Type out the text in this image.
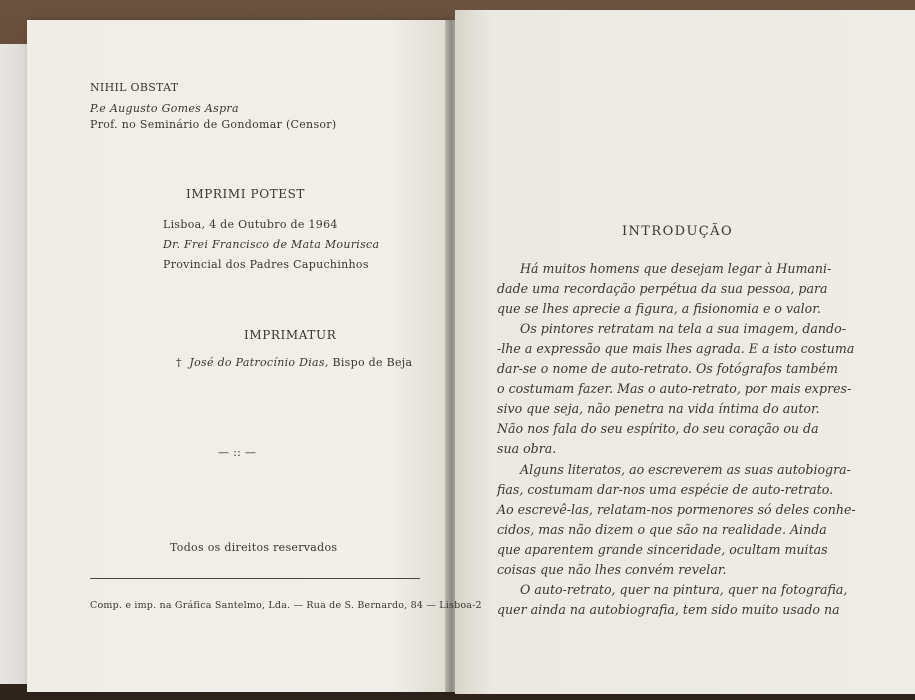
NIHIL OBSTAT
P.e Augusto Gomes Aspra
Prof. no Seminário de Gondomar (Censor)
IMPRIMI POTEST
Lisboa, 4 de Outubro de 1964
Dr. Frei Francisco de Mata Mourisca
Provincial dos Padres Capuchinhos
IMPRIMATUR
† José do Patrocínio Dias, Bispo de Beja
— :: —
Todos os direitos reservados
Comp. e imp. na Gráfica Santelmo, Lda. — Rua de S. Bernardo, 84 — Lisboa-2
INTRODUÇÃO
Há muitos homens que desejam legar à Humani-
dade uma recordação perpétua da sua pessoa, para
que se lhes aprecie a figura, a fisionomia e o valor.
Os pintores retratam na tela a sua imagem, dando-
-lhe a expressão que mais lhes agrada. E a isto costuma
dar-se o nome de auto-retrato. Os fotógrafos também
o costumam fazer. Mas o auto-retrato, por mais expres-
sivo que seja, não penetra na vida íntima do autor.
Não nos fala do seu espírito, do seu coração ou da
sua obra.
Alguns literatos, ao escreverem as suas autobiogra-
fias, costumam dar-nos uma espécie de auto-retrato.
Ao escrevê-las, relatam-nos pormenores só deles conhe-
cidos, mas não dizem o que são na realidade. Ainda
que aparentem grande sinceridade, ocultam muitas
coisas que não lhes convém revelar.
O auto-retrato, quer na pintura, quer na fotografia,
quer ainda na autobiografia, tem sido muito usado na
